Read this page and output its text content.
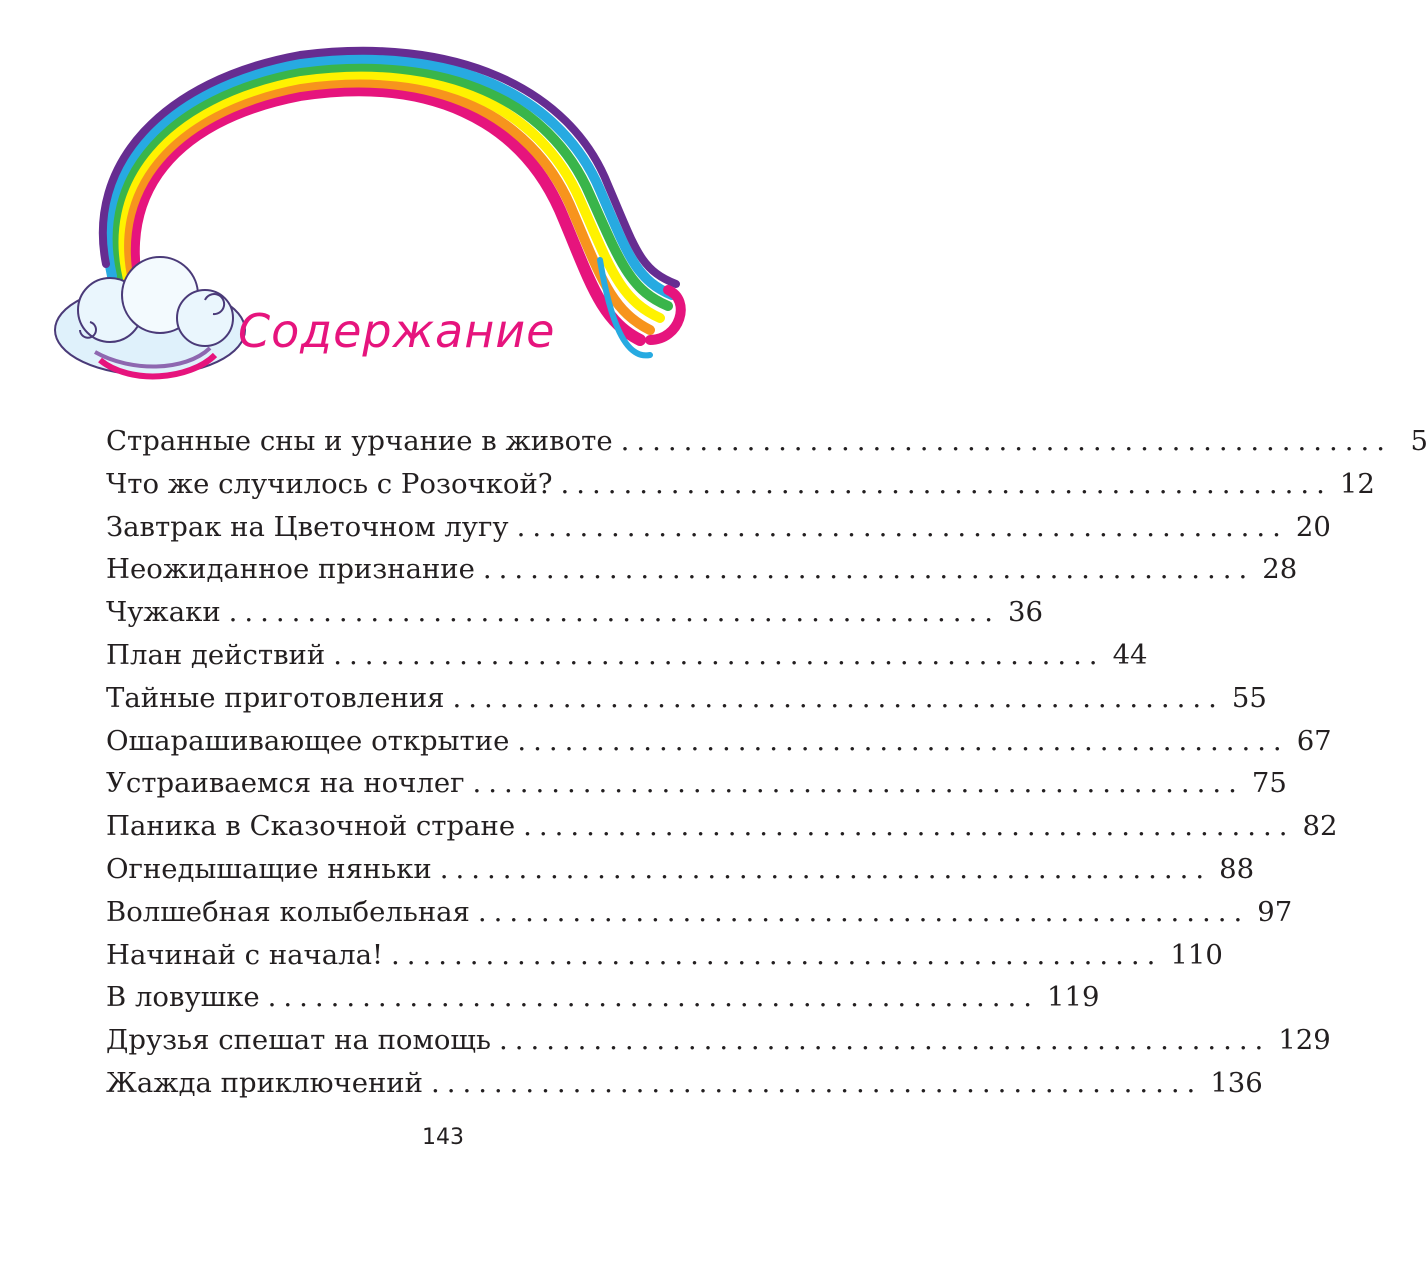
Содержание
Странные сны и урчание в животе ................................................. 5
Что же случилось с Розочкой? ................................................. 12
Завтрак на Цветочном лугу ................................................. 20
Неожиданное признание ................................................. 28
Чужаки ................................................. 36
План действий ................................................. 44
Тайные приготовления ................................................. 55
Ошарашивающее открытие ................................................. 67
Устраиваемся на ночлег ................................................. 75
Паника в Сказочной стране ................................................. 82
Огнедышащие няньки ................................................. 88
Волшебная колыбельная ................................................. 97
Начинай с начала! ................................................. 110
В ловушке ................................................. 119
Друзья спешат на помощь ................................................. 129
Жажда приключений ................................................. 136
143
